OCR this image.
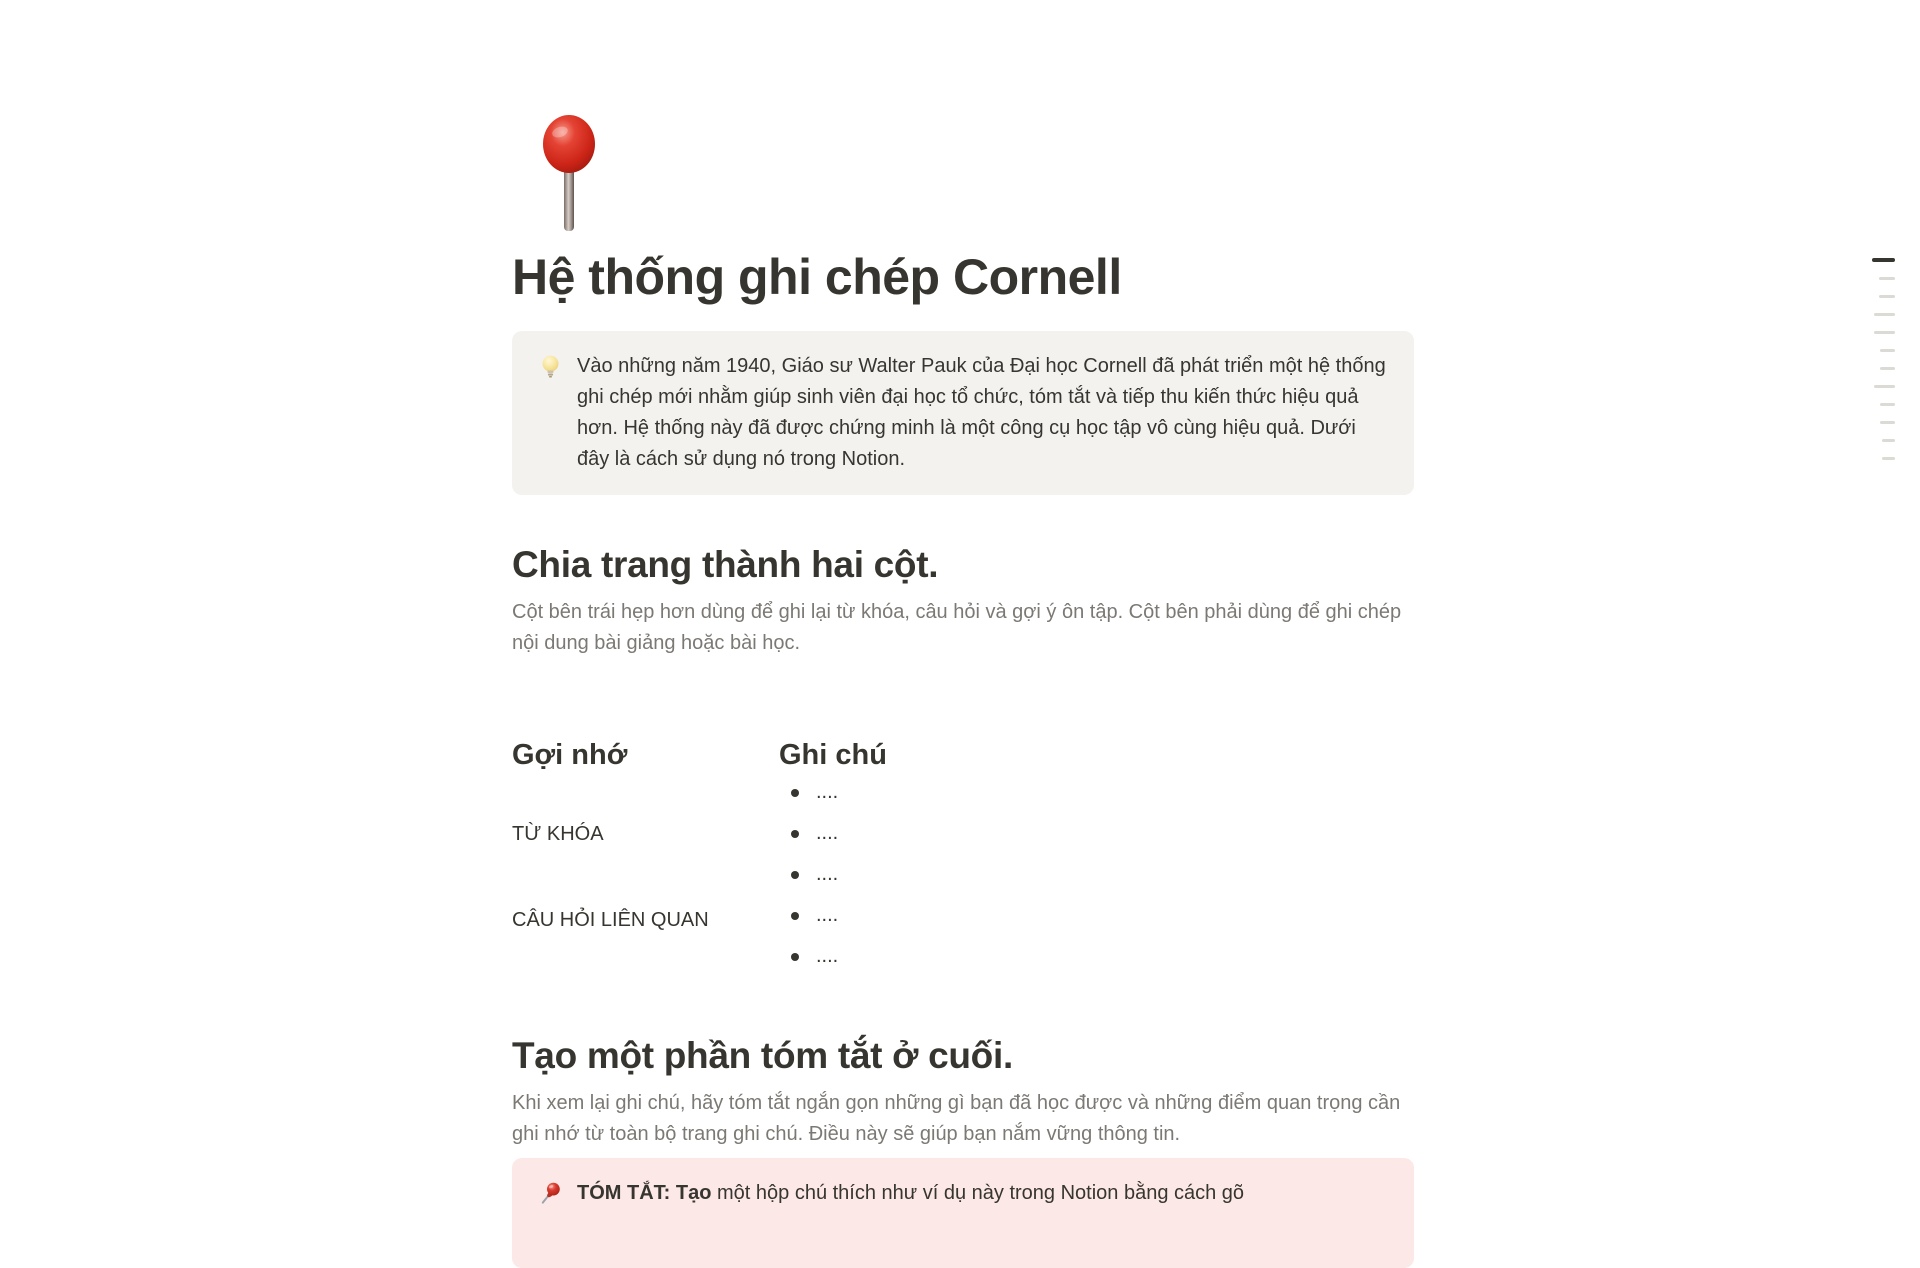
Hệ thống ghi chép Cornell
Vào những năm 1940, Giáo sư Walter Pauk của Đại học Cornell đã phát triển một hệ thống ghi chép mới nhằm giúp sinh viên đại học tổ chức, tóm tắt và tiếp thu kiến thức hiệu quả hơn. Hệ thống này đã được chứng minh là một công cụ học tập vô cùng hiệu quả. Dưới đây là cách sử dụng nó trong Notion.
Chia trang thành hai cột.

Cột bên trái hẹp hơn dùng để ghi lại từ khóa, câu hỏi và gợi ý ôn tập. Cột bên phải dùng để ghi chép nội dung bài giảng hoặc bài học.

Gợi nhớ

TỪ KHÓA

CÂU HỎI LIÊN QUAN

Ghi chú
....
....
....
....
....
Tạo một phần tóm tắt ở cuối.

Khi xem lại ghi chú, hãy tóm tắt ngắn gọn những gì bạn đã học được và những điểm quan trọng cần ghi nhớ từ toàn bộ trang ghi chú. Điều này sẽ giúp bạn nắm vững thông tin.

TÓM TẮT: Tạo một hộp chú thích như ví dụ này trong Notion bằng cách gõ
